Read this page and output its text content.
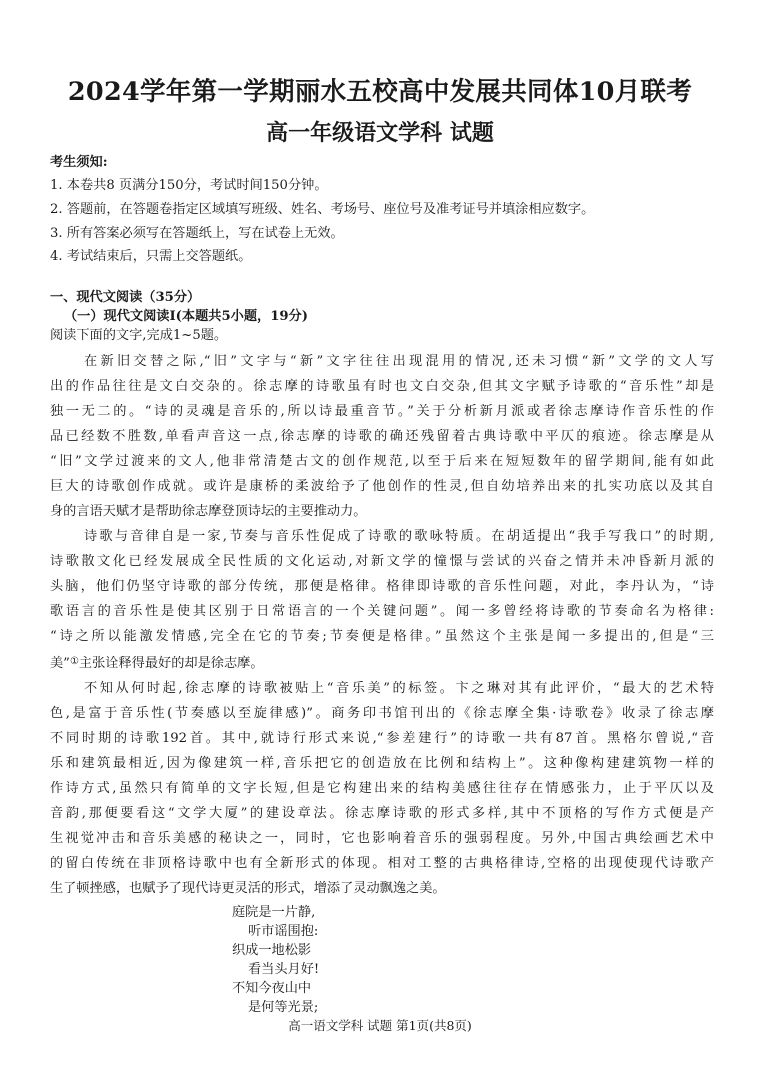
2024学年第一学期丽水五校高中发展共同体10月联考
高一年级语文学科 试题
考生须知:
1. 本卷共8 页满分150分，考试时间150分钟。
2. 答题前，在答题卷指定区域填写班级、姓名、考场号、座位号及准考证号并填涂相应数字。
3. 所有答案必须写在答题纸上，写在试卷上无效。
4. 考试结束后，只需上交答题纸。
一、现代文阅读（35分）
（一）现代文阅读Ⅰ(本题共5小题，19分)
阅读下面的文字,完成1~5题。
在新旧交替之际,“旧”文字与“新”文字往往出现混用的情况,还未习惯“新”文学的文人写
出的作品往往是文白交杂的。徐志摩的诗歌虽有时也文白交杂,但其文字赋予诗歌的“音乐性”却是
独一无二的。“诗的灵魂是音乐的,所以诗最重音节。”关于分析新月派或者徐志摩诗作音乐性的作
品已经数不胜数,单看声音这一点,徐志摩的诗歌的确还残留着古典诗歌中平仄的痕迹。徐志摩是从
“旧”文学过渡来的文人,他非常清楚古文的创作规范,以至于后来在短短数年的留学期间,能有如此
巨大的诗歌创作成就。或许是康桥的柔波给予了他创作的性灵,但自幼培养出来的扎实功底以及其自
身的言语天赋才是帮助徐志摩登顶诗坛的主要推动力。
诗歌与音律自是一家,节奏与音乐性促成了诗歌的歌咏特质。在胡适提出“我手写我口”的时期,
诗歌散文化已经发展成全民性质的文化运动,对新文学的憧憬与尝试的兴奋之情并未冲昏新月派的
头脑，他们仍坚守诗歌的部分传统，那便是格律。格律即诗歌的音乐性问题，对此，李丹认为，“诗
歌语言的音乐性是使其区别于日常语言的一个关键问题”。闻一多曾经将诗歌的节奏命名为格律:
“诗之所以能激发情感,完全在它的节奏;节奏便是格律。”虽然这个主张是闻一多提出的,但是“三
美”①主张诠释得最好的却是徐志摩。
不知从何时起,徐志摩的诗歌被贴上“音乐美”的标签。卞之琳对其有此评价，“最大的艺术特
色,是富于音乐性(节奏感以至旋律感)”。商务印书馆刊出的《徐志摩全集·诗歌卷》收录了徐志摩
不同时期的诗歌192首。其中,就诗行形式来说,“参差建行”的诗歌一共有87首。黑格尔曾说,“音
乐和建筑最相近,因为像建筑一样,音乐把它的创造放在比例和结构上”。这种像构建建筑物一样的
作诗方式,虽然只有简单的文字长短,但是它构建出来的结构美感往往存在情感张力，止于平仄以及
音韵,那便要看这“文学大厦”的建设章法。徐志摩诗歌的形式多样,其中不顶格的写作方式便是产
生视觉冲击和音乐美感的秘诀之一，同时，它也影响着音乐的强弱程度。另外,中国古典绘画艺术中
的留白传统在非顶格诗歌中也有全新形式的体现。相对工整的古典格律诗,空格的出现使现代诗歌产
生了顿挫感，也赋予了现代诗更灵活的形式，增添了灵动飘逸之美。
庭院是一片静,
听市谣围抱:
织成一地松影
看当头月好!
高一语文学科 试题 第1页(共8页)
不知今夜山中
是何等光景;
